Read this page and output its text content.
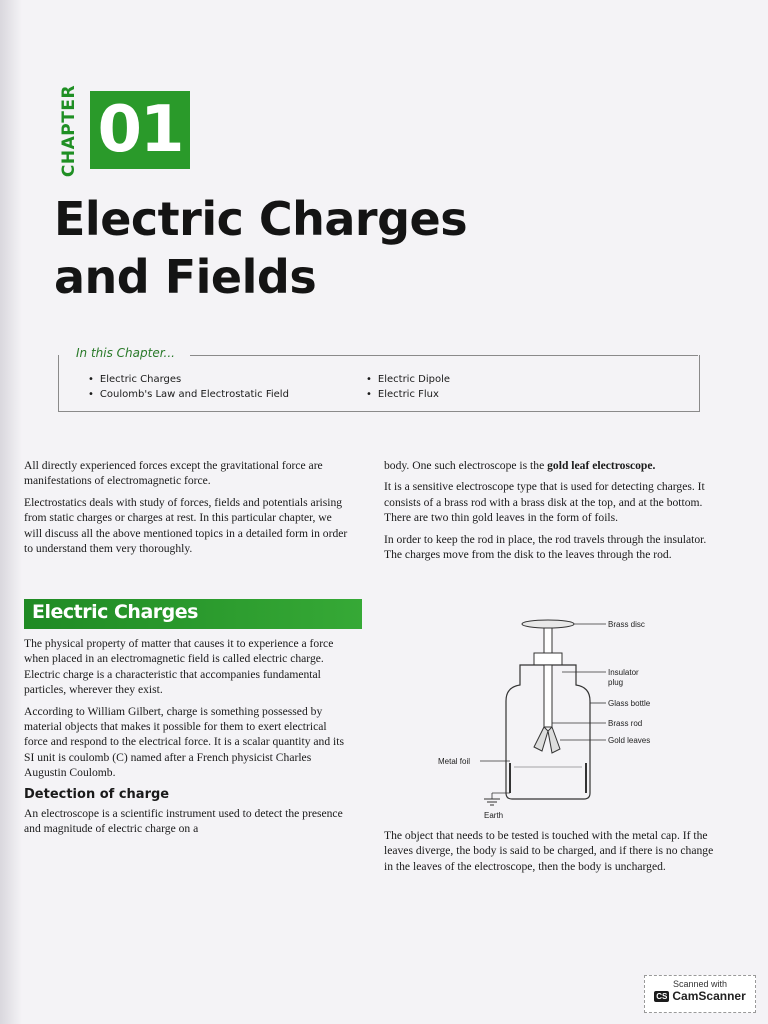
CHAPTER 01
Electric Charges
and Fields
In this Chapter...
• Electric Charges
• Coulomb's Law and Electrostatic Field
• Electric Dipole
• Electric Flux

All directly experienced forces except the gravitational force are manifestations of electromagnetic force.

Electrostatics deals with study of forces, fields and potentials arising from static charges or charges at rest. In this particular chapter, we will discuss all the above mentioned topics in a detailed form in order to understand them very thoroughly.

Electric Charges

The physical property of matter that causes it to experience a force when placed in an electromagnetic field is called electric charge.

Electric charge is a characteristic that accompanies fundamental particles, wherever they exist.

According to William Gilbert, charge is something possessed by material objects that makes it possible for them to exert electrical force and respond to the electrical force. It is a scalar quantity and its SI unit is coulomb (C) named after a French physicist Charles Augustin Coulomb.

Detection of charge

An electroscope is a scientific instrument used to detect the presence and magnitude of electric charge on a

body. One such electroscope is the gold leaf electroscope.

It is a sensitive electroscope type that is used for detecting charges. It consists of a brass rod with a brass disk at the top, and at the bottom. There are two thin gold leaves in the form of foils.

In order to keep the rod in place, the rod travels through the insulator. The charges move from the disk to the leaves through the rod.

Brass disc
Insulator
plug
Glass bottle
Brass rod
Gold leaves
Metal foil
Earth

The object that needs to be tested is touched with the metal cap. If the leaves diverge, the body is said to be charged, and if there is no change in the leaves of the electroscope, then the body is uncharged.

Scanned with
CS CamScanner
